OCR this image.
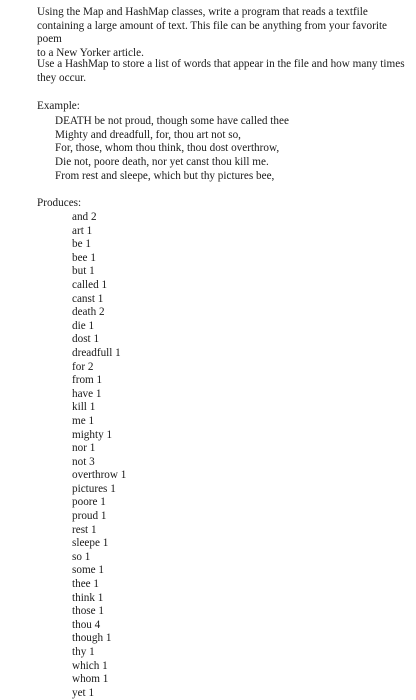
Using the Map and HashMap classes, write a program that reads a textfile
containing a large amount of text. This file can be anything from your favorite poem
to a New Yorker article.
Use a HashMap to store a list of words that appear in the file and how many times
they occur.
Example:
DEATH be not proud, though some have called thee
Mighty and dreadfull, for, thou art not so,
For, those, whom thou think, thou dost overthrow,
Die not, poore death, nor yet canst thou kill me.
From rest and sleepe, which but thy pictures bee,
Produces:
and 2
art 1
be 1
bee 1
but 1
called 1
canst 1
death 2
die 1
dost 1
dreadfull 1
for 2
from 1
have 1
kill 1
me 1
mighty 1
nor 1
not 3
overthrow 1
pictures 1
poore 1
proud 1
rest 1
sleepe 1
so 1
some 1
thee 1
think 1
those 1
thou 4
though 1
thy 1
which 1
whom 1
yet 1
